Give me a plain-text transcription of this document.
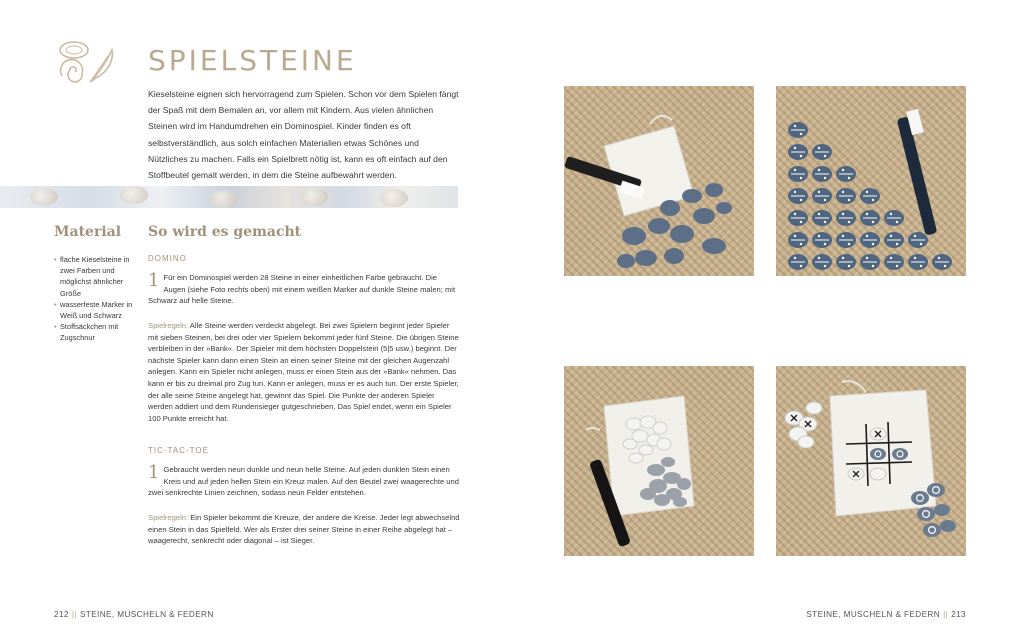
SPIELSTEINE

Kieselsteine eignen sich hervorragend zum Spielen. Schon vor dem Spielen fängt der Spaß mit dem Bemalen an, vor allem mit Kindern. Aus vielen ähnlichen Steinen wird im Handumdrehen ein Dominospiel. Kinder finden es oft selbstverständlich, aus solch einfachen Materialien etwas Schönes und Nützliches zu machen. Falls ein Spielbrett nötig ist, kann es oft einfach auf den Stoffbeutel gemalt werden, in dem die Steine aufbewahrt werden.

Material
• flache Kieselsteine in zwei Farben und möglichst ähnlicher Größe
• wasserfeste Marker in Weiß und Schwarz
• Stoffsäckchen mit Zugschnur
So wird es gemacht
DOMINO
1 Für ein Dominospiel werden 28 Steine in einer einheitlichen Farbe gebraucht. Die Augen (siehe Foto rechts oben) mit einem weißen Marker auf dunkle Steine malen; mit Schwarz auf helle Steine.
Spielregeln: Alle Steine werden verdeckt abgelegt. Bei zwei Spielern beginnt jeder Spieler mit sieben Steinen, bei drei oder vier Spielern bekommt jeder fünf Steine. Die übrigen Steine verbleiben in der »Bank«. Der Spieler mit dem höchsten Doppelstein (5|5 usw.) beginnt. Der nächste Spieler kann dann einen Stein an einen seiner Steine mit der gleichen Augenzahl anlegen. Kann ein Spieler nicht anlegen, muss er einen Stein aus der »Bank« nehmen. Das kann er bis zu dreimal pro Zug tun. Kann er anlegen, muss er es auch tun. Der erste Spieler, der alle seine Steine angelegt hat, gewinnt das Spiel. Die Punkte der anderen Spieler werden addiert und dem Rundensieger gutgeschrieben. Das Spiel endet, wenn ein Spieler 100 Punkte erreicht hat.
TIC-TAC-TOE
1 Gebraucht werden neun dunkle und neun helle Steine. Auf jeden dunklen Stein einen Kreis und auf jeden hellen Stein ein Kreuz malen. Auf den Beutel zwei waagerechte und zwei senkrechte Linien zeichnen, sodass neun Felder entstehen.
Spielregeln: Ein Spieler bekommt die Kreuze, der andere die Kreise. Jeder legt abwechselnd einen Stein in das Spielfeld. Wer als Erster drei seiner Steine in einer Reihe abgelegt hat – waagerecht, senkrecht oder diagonal – ist Sieger.
212 || STEINE, MUSCHELN & FEDERN	STEINE, MUSCHELN & FEDERN || 213
